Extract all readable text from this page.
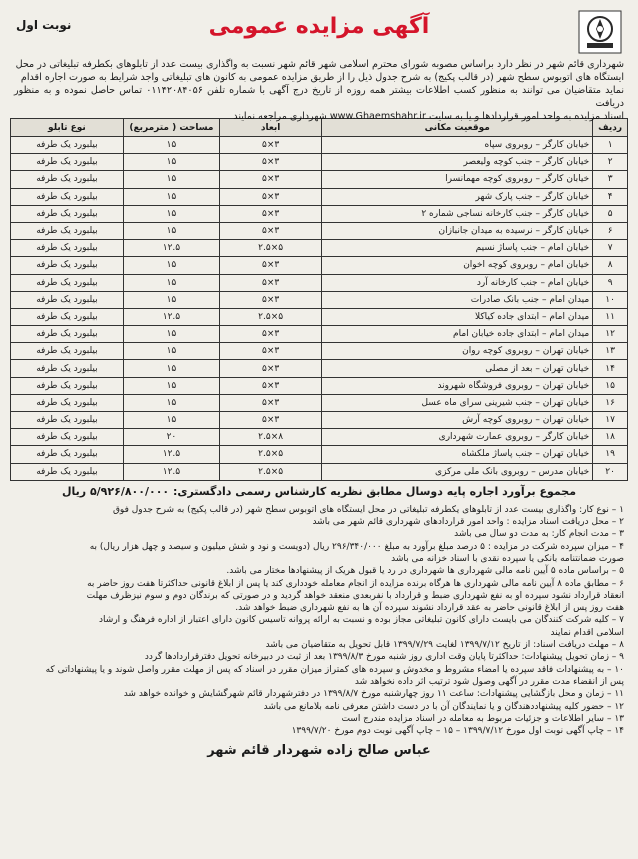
آگهی مزایده عمومی
نوبت اول
شهرداری قائم شهر در نظر دارد براساس مصوبه شورای محترم اسلامی شهر قائم شهر نسبت به واگذاری بیست عدد از تابلوهای بکطرفه تبلیغاتی در محل
ایستگاه های اتوبوس سطح شهر (در قالب پکیج) به شرح جدول ذیل را از طریق مزایده عمومی به کانون های تبلیغاتی واجد شرایط به صورت اجاره اقدام
نماید متقاضیان می توانند به منظور کسب اطلاعات بیشتر همه روزه از تاریخ درج آگهی با شماره تلفن ۰۱۱۴۲۰۸۴۰۵۶ تماس حاصل نموده و به منظور دریافت
اسناد مزایده به واحد امور قراردادها و یا به سایت www.Ghaemshahr.ir شهرداری مراجعه نمایند
ردیف	موقعیت مکانی	ابعاد	مساحت ( مترمربع)	نوع تابلو
۱	خیابان کارگر – روبروی سپاه	۳×۵	۱۵	بیلبورد یک طرفه
۲	خیابان کارگر – جنب کوچه ولیعصر	۳×۵	۱۵	بیلبورد یک طرفه
۳	خیابان کارگر – روبروی کوچه مهمانسرا	۳×۵	۱۵	بیلبورد یک طرفه
۴	خیابان کارگر – جنب پارک شهر	۳×۵	۱۵	بیلبورد یک طرفه
۵	خیابان کارگر – جنب کارخانه نساجی شماره ۲	۳×۵	۱۵	بیلبورد یک طرفه
۶	خیابان کارگر – نرسیده به میدان جانبازان	۳×۵	۱۵	بیلبورد یک طرفه
۷	خیابان امام – جنب پاساژ نسیم	۵×۲.۵	۱۲.۵	بیلبورد یک طرفه
۸	خیابان امام – روبروی کوچه اخوان	۳×۵	۱۵	بیلبورد یک طرفه
۹	خیابان امام – جنب کارخانه آرد	۳×۵	۱۵	بیلبورد یک طرفه
۱۰	میدان امام – جنب بانک صادرات	۳×۵	۱۵	بیلبورد یک طرفه
۱۱	میدان امام – ابتدای جاده کیاکلا	۵×۲.۵	۱۲.۵	بیلبورد یک طرفه
۱۲	میدان امام – ابتدای جاده خیابان امام	۳×۵	۱۵	بیلبورد یک طرفه
۱۳	خیابان تهران – روبروی کوچه روان	۳×۵	۱۵	بیلبورد یک طرفه
۱۴	خیابان تهران – بعد از مصلی	۳×۵	۱۵	بیلبورد یک طرفه
۱۵	خیابان تهران – روبروی فروشگاه شهروند	۳×۵	۱۵	بیلبورد یک طرفه
۱۶	خیابان تهران – جنب شیرینی سرای ماه عسل	۳×۵	۱۵	بیلبورد یک طرفه
۱۷	خیابان تهران – روبروی کوچه آرش	۳×۵	۱۵	بیلبورد یک طرفه
۱۸	خیابان کارگر – روبروی عمارت شهرداری	۸×۲.۵	۲۰	بیلبورد یک طرفه
۱۹	خیابان تهران – جنب پاساژ ملکشاه	۵×۲.۵	۱۲.۵	بیلبورد یک طرفه
۲۰	خیابان مدرس – روبروی بانک ملی مرکزی	۵×۲.۵	۱۲.۵	بیلبورد یک طرفه
مجموع برآورد اجاره پایه دوسال مطابق نظریه کارشناس رسمی دادگستری: ۵/۹۲۶/۸۰۰/۰۰۰ ریال
۱ – نوع کار: واگذاری بیست عدد از تابلوهای یکطرفه تبلیغاتی در محل ایستگاه های اتوبوس سطح شهر (در قالب پکیج) به شرح جدول فوق
۲ – محل دریافت اسناد مزایده : واحد امور قراردادهای شهرداری قائم شهر می باشد
۳ – مدت انجام کار: به مدت دو سال می باشد
۴ – میزان سپرده شرکت در مزایده : ۵ درصد مبلغ برآورد به مبلغ ۲۹۶/۳۴۰/۰۰۰ ریال (دویست و نود و شش میلیون و سیصد و چهل هزار ریال) به
صورت ضمانتنامه بانکی یا سپرده نقدی با اسناد خزانه می باشد
۵ – براساس ماده ۵ آیین نامه مالی شهرداری ها شهرداری در رد یا قبول هریک از پیشنهادها مختار می باشد.
۶ – مطابق ماده ۸ آیین نامه مالی شهرداری ها هرگاه برنده مزایده از انجام معامله خودداری کند یا پس از ابلاغ قانونی حداکثرتا هفت روز حاضر به
انعقاد قرارداد نشود سپرده او به نفع شهرداری ضبط و قرارداد با نفربعدی منعقد خواهد گردید و در صورتی که برندگان دوم و سوم نیزظرف مهلت
هفت روز پس از ابلاغ قانونی حاضر به عقد قرارداد نشوند سپرده آن ها به نفع شهرداری ضبط خواهد شد.
۷ – کلیه شرکت کنندگان می بایست دارای کانون تبلیغاتی مجاز بوده و نسبت به ارائه پروانه تاسیس کانون دارای اعتبار از اداره فرهنگ و ارشاد
اسلامی اقدام نمایند
۸ – مهلت دریافت اسناد: از تاریخ ۱۳۹۹/۷/۱۲ لغایت ۱۳۹۹/۷/۲۹ قابل تحویل به متقاضیان می باشد
۹ – زمان تحویل پیشنهادات: حداکثرتا پایان وقت اداری روز شنبه مورخ ۱۳۹۹/۸/۳ بعد از ثبت در دبیرخانه تحویل دفترقراردادها گردد
۱۰ – به پیشنهادات فاقد سپرده یا امضاء مشروط و مخدوش و سپرده های کمتراز میزان مقرر در اسناد که پس از مهلت مقرر واصل شوند و یا پیشنهاداتی که
پس از انقضاء مدت مقرر در آگهی وصول شود ترتیب اثر داده نخواهد شد
۱۱ – زمان و محل بازگشایی پیشنهادات: ساعت ۱۱ روز چهارشنبه مورخ ۱۳۹۹/۸/۷ در دفترشهردار قائم شهرگشایش و خوانده خواهد شد
۱۲ – حضور کلیه پیشنهاددهندگان و یا نمایندگان آن با در دست داشتن معرفی نامه بلامانع می باشد
۱۳ – سایر اطلاعات و جزئیات مربوط به معامله در اسناد مزایده مندرج است
۱۴ – چاپ آگهی نوبت اول مورخ ۱۳۹۹/۷/۱۲ – ۱۵ – چاپ آگهی نوبت دوم مورخ ۱۳۹۹/۷/۲۰
عباس صالح زاده شهردار قائم شهر
